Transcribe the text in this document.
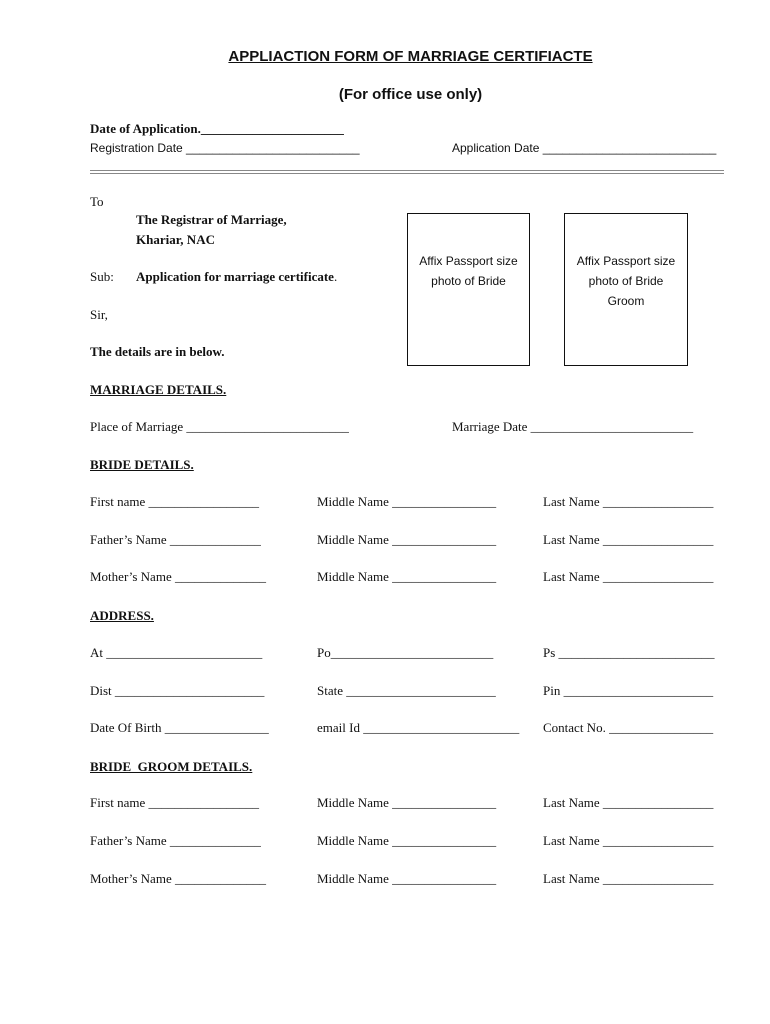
APPLIACTION FORM OF MARRIAGE CERTIFIACTE
(For office use only)
Date of Application.______________________
Registration Date __________________________	Application Date __________________________
To
The Registrar of Marriage,
Khariar, NAC
Sub: Application for marriage certificate.
Sir,
The details are in below.
Affix Passport size
photo of Bride
Affix Passport size
photo of Bride
Groom
MARRIAGE DETAILS.
Place of Marriage _________________________	Marriage Date _________________________
BRIDE DETAILS.
First name _________________	Middle Name ________________	Last Name _________________
Father’s Name ______________	Middle Name ________________	Last Name _________________
Mother’s Name ______________	Middle Name ________________	Last Name _________________
ADDRESS.
At ________________________	Po_________________________	Ps ________________________
Dist _______________________	State _______________________	Pin _______________________
Date Of Birth ________________	email Id ________________________ Contact No. ________________
BRIDE  GROOM DETAILS.
First name _________________	Middle Name ________________	Last Name _________________
Father’s Name ______________	Middle Name ________________	Last Name _________________
Mother’s Name ______________	Middle Name ________________	Last Name _________________
